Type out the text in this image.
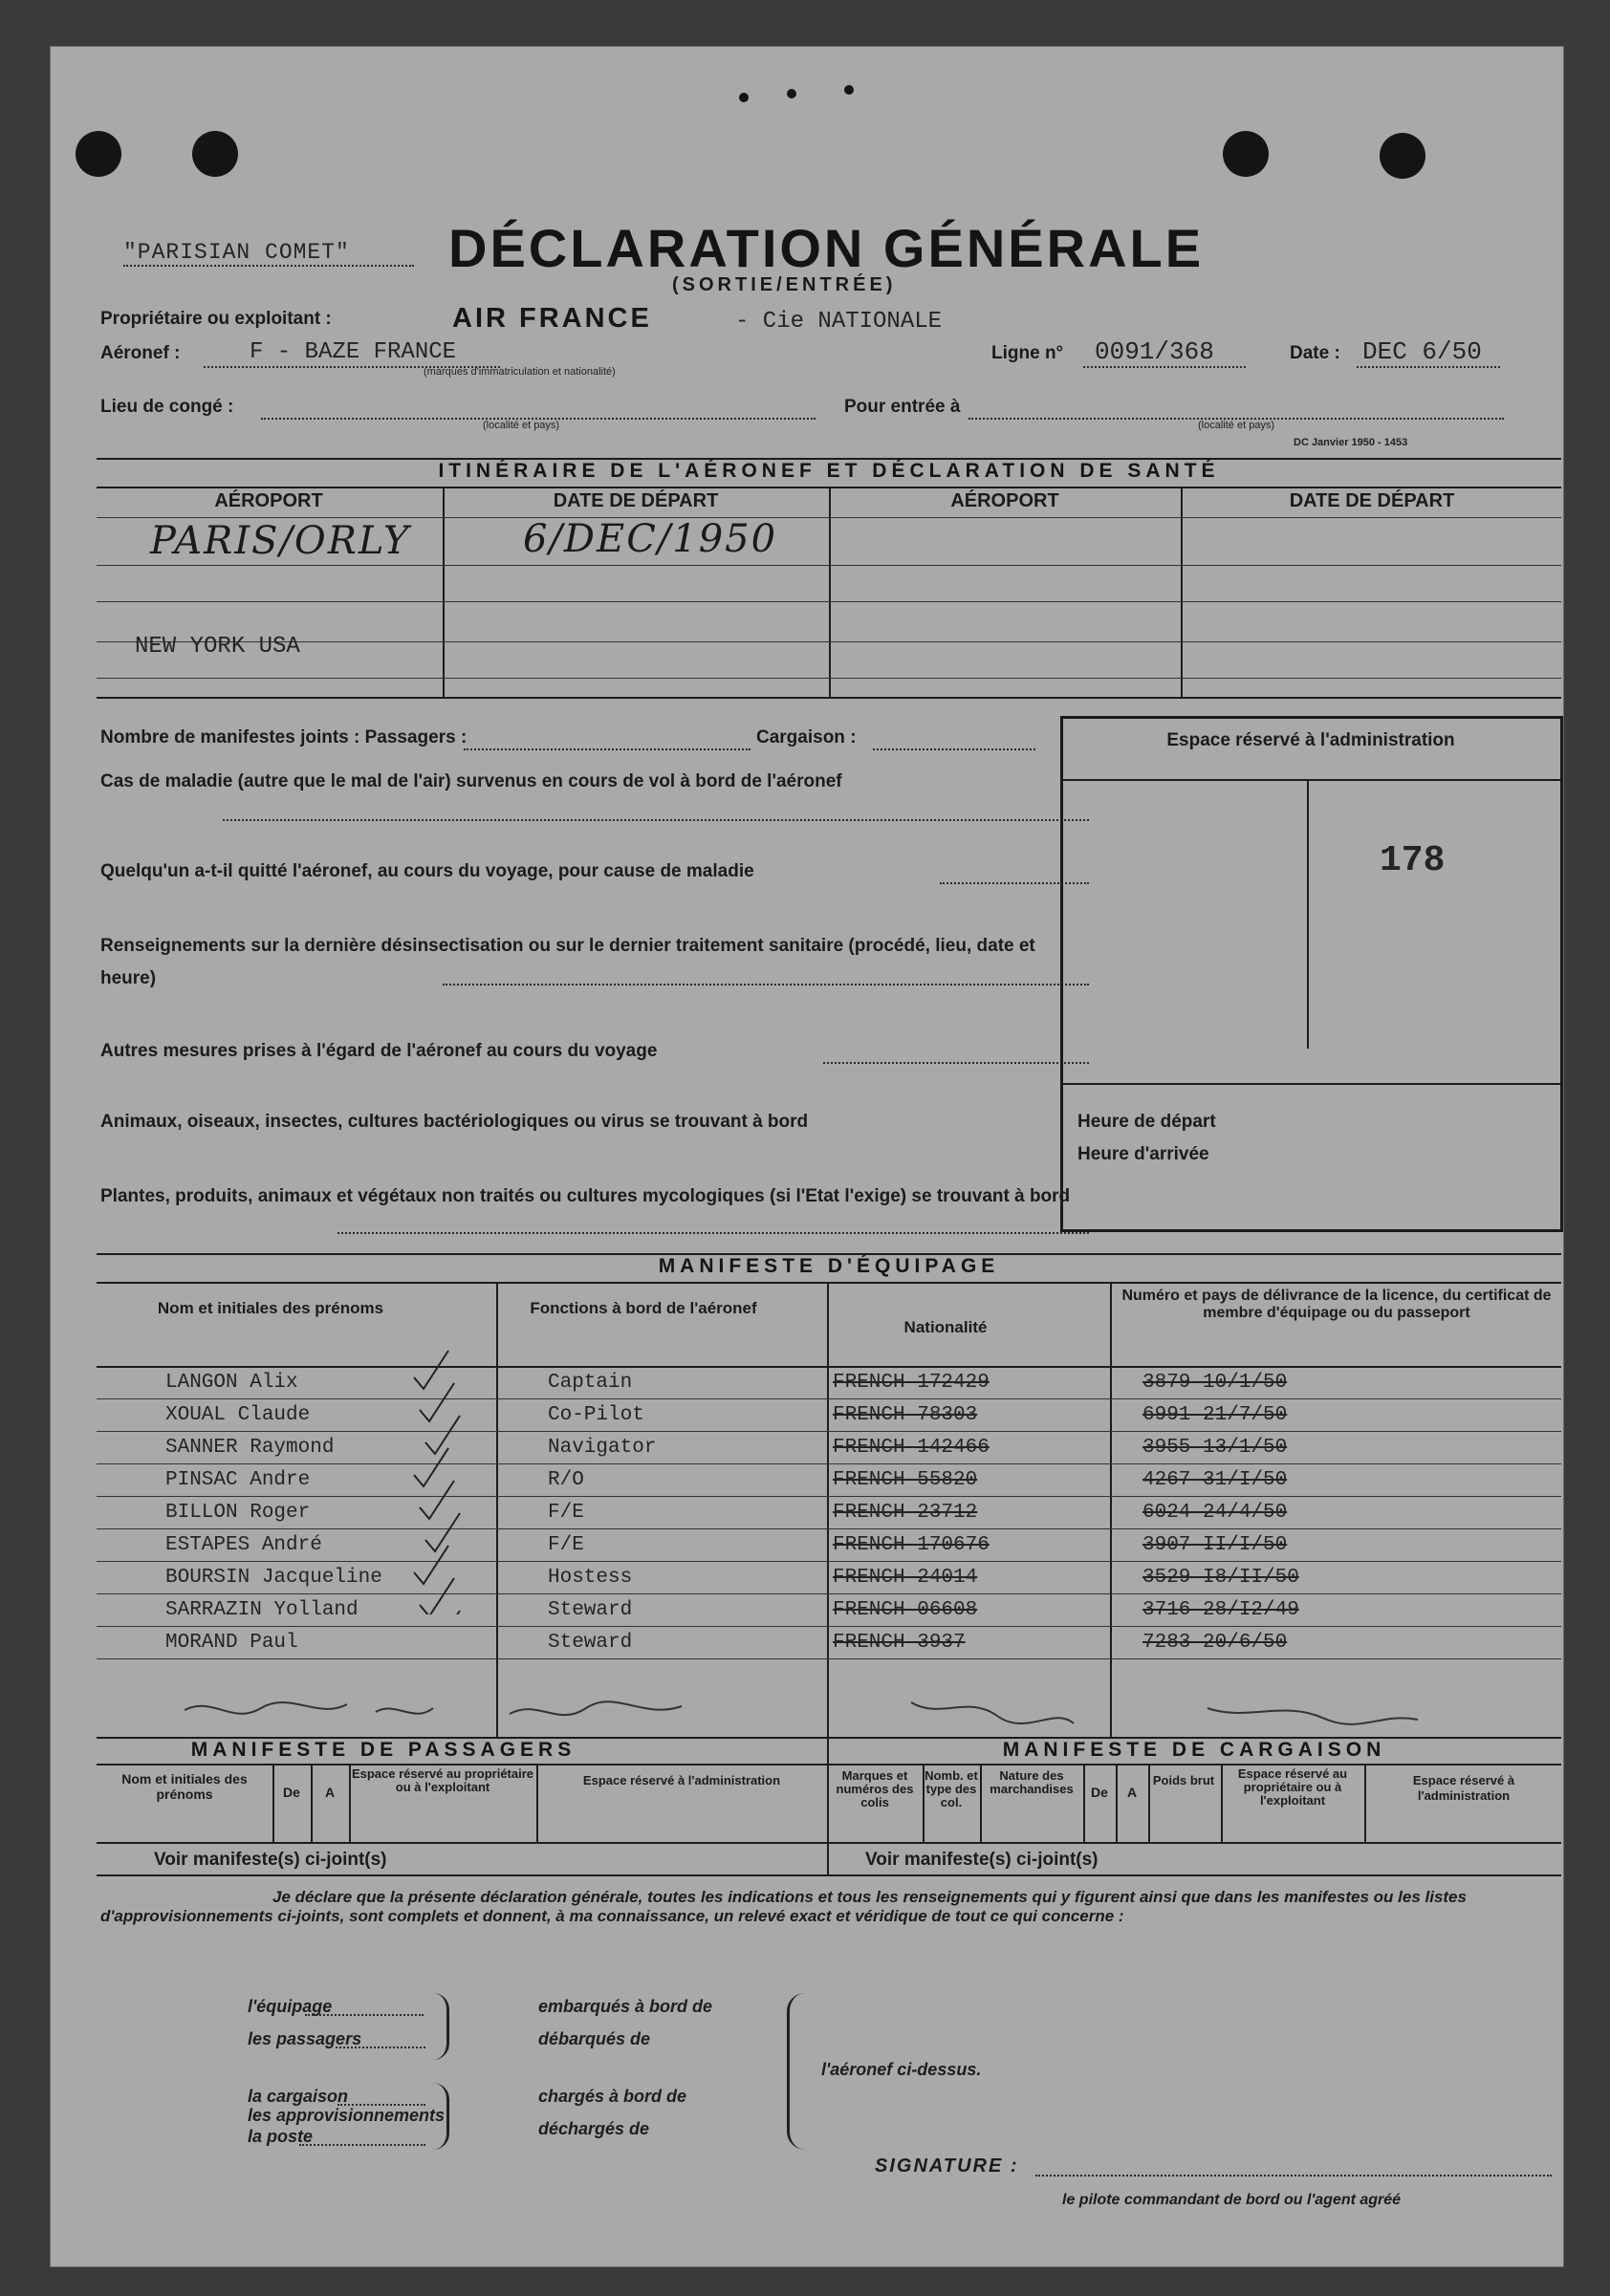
"PARISIAN COMET" DÉCLARATION GÉNÉRALE
(SORTIE/ENTRÉE)
Propriétaire ou exploitant :	AIR FRANCE	- Cie NATIONALE
Aéronef :	F - BAZE FRANCE
(marques d'immatriculation et nationalité)
Ligne n° 0091/368	Date : DEC 6/50
Lieu de congé :
(localité et pays)
Pour entrée à
(localité et pays)
DC Janvier 1950 - 1453
ITINÉRAIRE DE L'AÉRONEF ET DÉCLARATION DE SANTÉ
AÉROPORT	DATE DE DÉPART	AÉROPORT	DATE DE DÉPART
PARIS/ORLY	6/DEC/1950
NEW YORK USA
Nombre de manifestes joints : Passagers :	Cargaison :
Cas de maladie (autre que le mal de l'air) survenus en cours de vol à bord de l'aéronef
Quelqu'un a-t-il quitté l'aéronef, au cours du voyage, pour cause de maladie
Renseignements sur la dernière désinsectisation ou sur le dernier traitement sanitaire (procédé, lieu, date et heure)
Autres mesures prises à l'égard de l'aéronef au cours du voyage
Animaux, oiseaux, insectes, cultures bactériologiques ou virus se trouvant à bord
Plantes, produits, animaux et végétaux non traités ou cultures mycologiques (si l'Etat l'exige) se trouvant à bord
Espace réservé à l'administration
178
Heure de départ
Heure d'arrivée
MANIFESTE D'ÉQUIPAGE
Nom et initiales des prénoms	Fonctions à bord de l'aéronef
Nationalité
Numéro et pays de délivrance de la licence, du certificat de membre d'équipage ou du passeport
LANGON Alix	Captain	FRENCH 172429	3879 10/1/50
XOUAL Claude	Co-Pilot	FRENCH 78303	6991 21/7/50
SANNER Raymond	Navigator	FRENCH 142466	3955 13/1/50
PINSAC Andre	R/O	FRENCH 55820	4267 31/I/50
BILLON Roger	F/E	FRENCH 23712	6024 24/4/50
ESTAPES André	F/E	FRENCH 170676	3907 II/I/50
BOURSIN Jacqueline	Hostess	FRENCH 24014	3529 I8/II/50
SARRAZIN Yolland	Steward	FRENCH 06608	3716 28/I2/49
MORAND Paul	Steward	FRENCH 3937	7283 20/6/50
MANIFESTE DE PASSAGERS	MANIFESTE DE CARGAISON
Nom et initiales des prénoms	De	A
Espace réservé au propriétaire ou à l'exploitant	Espace réservé à l'administration	Marques et numéros des colis
Nomb. et type des col.
Nature des marchandises	De	A
Poids brut	Espace réservé au propriétaire ou à l'exploitant
Espace réservé à l'administration
Voir manifeste(s) ci-joint(s)	Voir manifeste(s) ci-joint(s)
Je déclare que la présente déclaration générale, toutes les indications et tous les renseignements qui y figurent ainsi que dans les manifestes ou les listes d'approvisionnements ci-joints, sont complets et donnent, à ma connaissance, un relevé exact et véridique de tout ce qui concerne :
l'équipage
les passagers
la cargaison
les approvisionnements
la poste
embarqués à bord de
débarqués de
chargés à bord de
déchargés de
l'aéronef ci-dessus.
SIGNATURE :
le pilote commandant de bord ou l'agent agréé
